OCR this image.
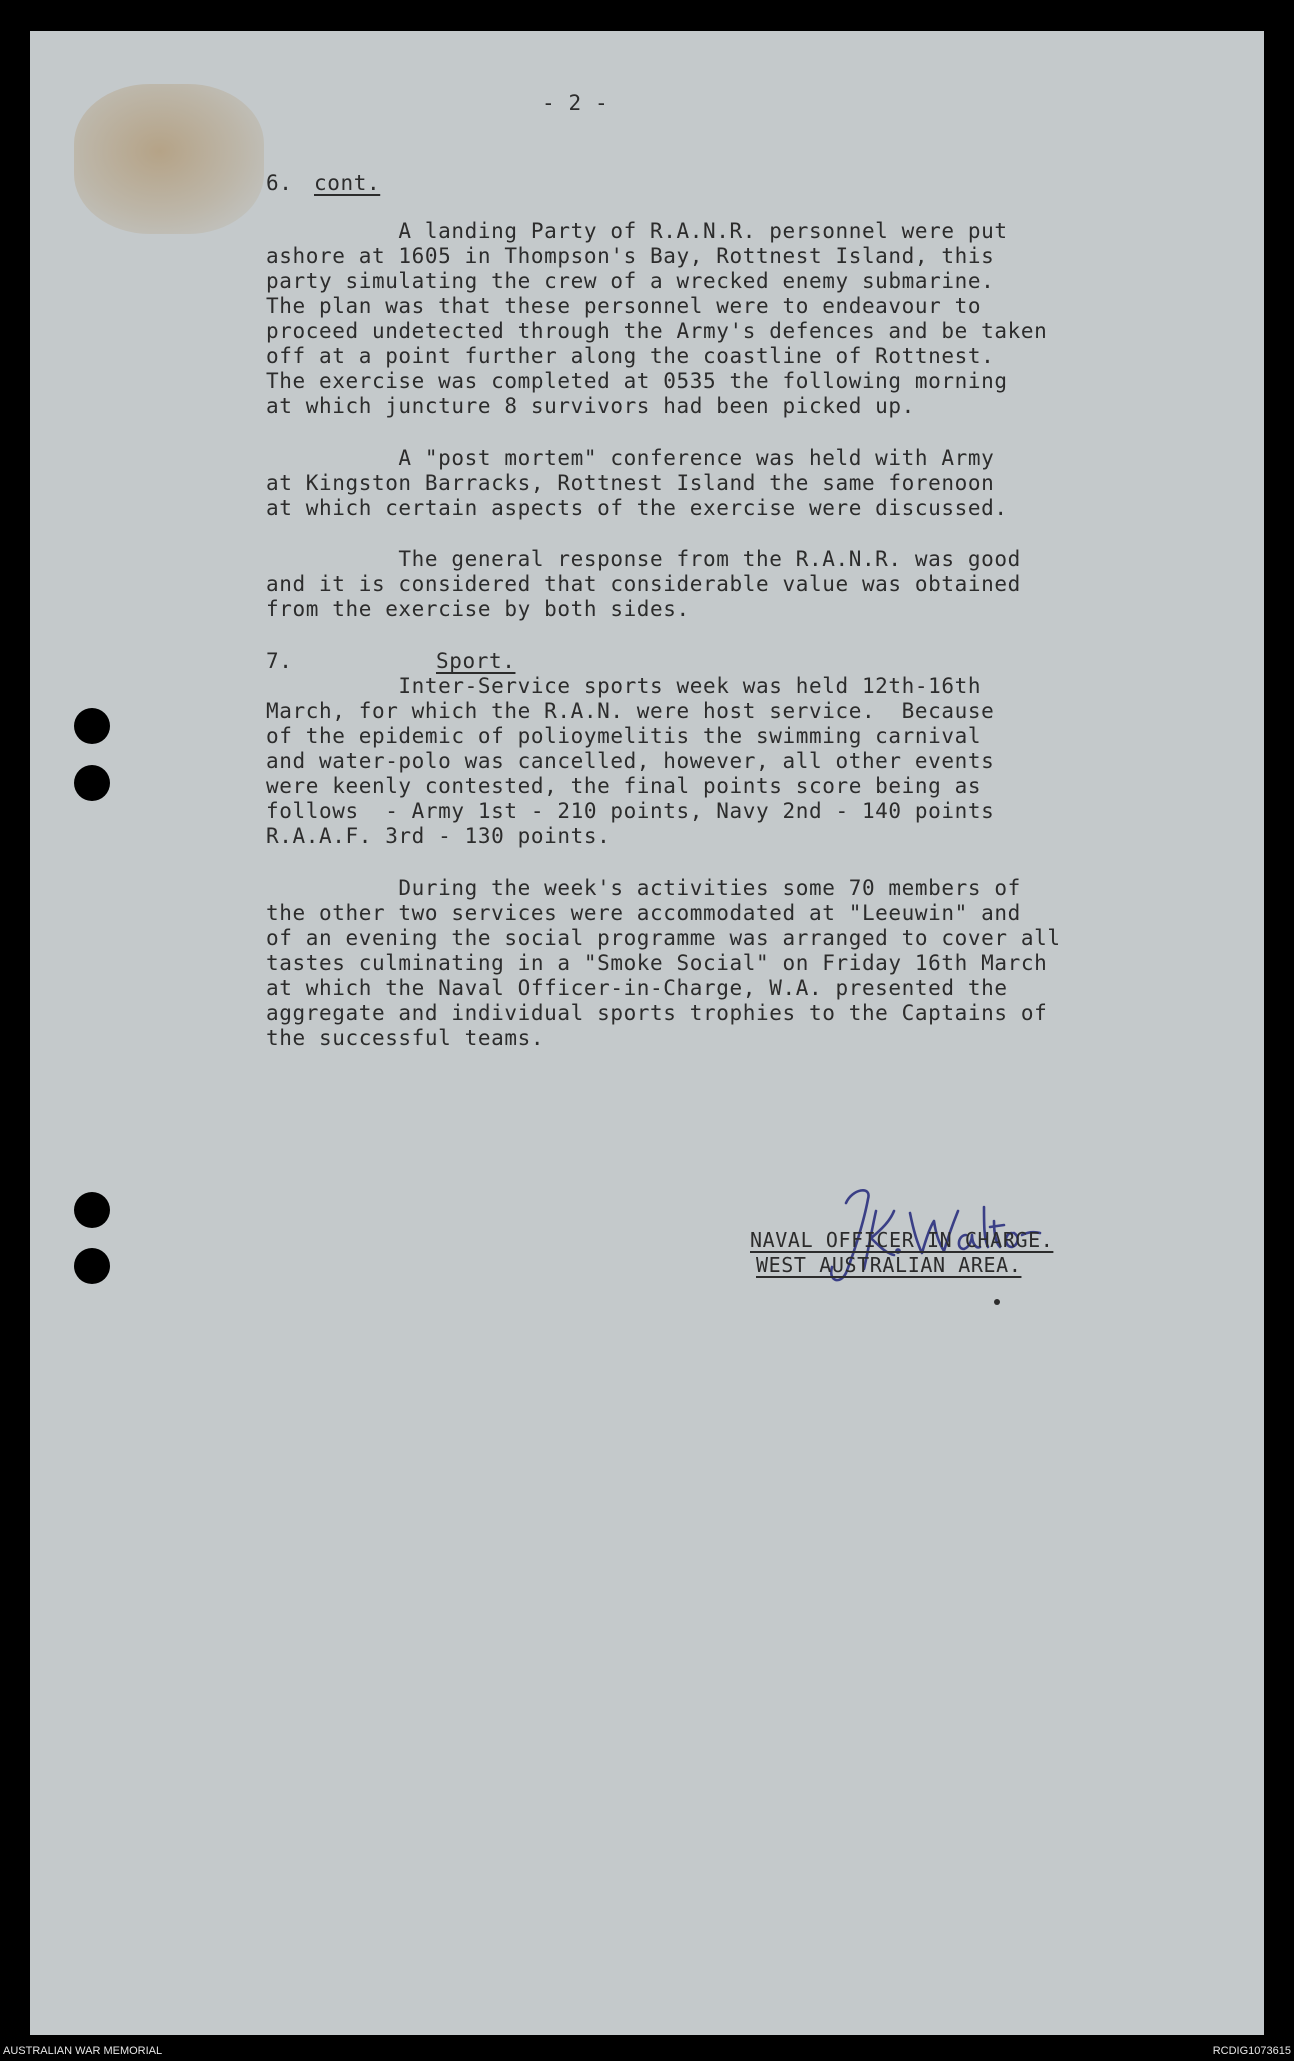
- 2 -

6. cont.

A landing Party of R.A.N.R. personnel were put
ashore at 1605 in Thompson's Bay, Rottnest Island, this
party simulating the crew of a wrecked enemy submarine.
The plan was that these personnel were to endeavour to
proceed undetected through the Army's defences and be taken
off at a point further along the coastline of Rottnest.
The exercise was completed at 0535 the following morning
at which juncture 8 survivors had been picked up.

A "post mortem" conference was held with Army
at Kingston Barracks, Rottnest Island the same forenoon
at which certain aspects of the exercise were discussed.

The general response from the R.A.N.R. was good
and it is considered that considerable value was obtained
from the exercise by both sides.

7.	Sport.

Inter-Service sports week was held 12th-16th
March, for which the R.A.N. were host service.  Because
of the epidemic of polioymelitis the swimming carnival
and water-polo was cancelled, however, all other events
were keenly contested, the final points score being as
follows  - Army 1st - 210 points, Navy 2nd - 140 points
R.A.A.F. 3rd - 130 points.

During the week's activities some 70 members of
the other two services were accommodated at "Leeuwin" and
of an evening the social programme was arranged to cover all
tastes culminating in a "Smoke Social" on Friday 16th March
at which the Naval Officer-in-Charge, W.A. presented the
aggregate and individual sports trophies to the Captains of
the successful teams.

NAVAL OFFICER IN CHARGE.

WEST AUSTRALIAN AREA.

AUSTRALIAN WAR MEMORIAL	RCDIG1073615
